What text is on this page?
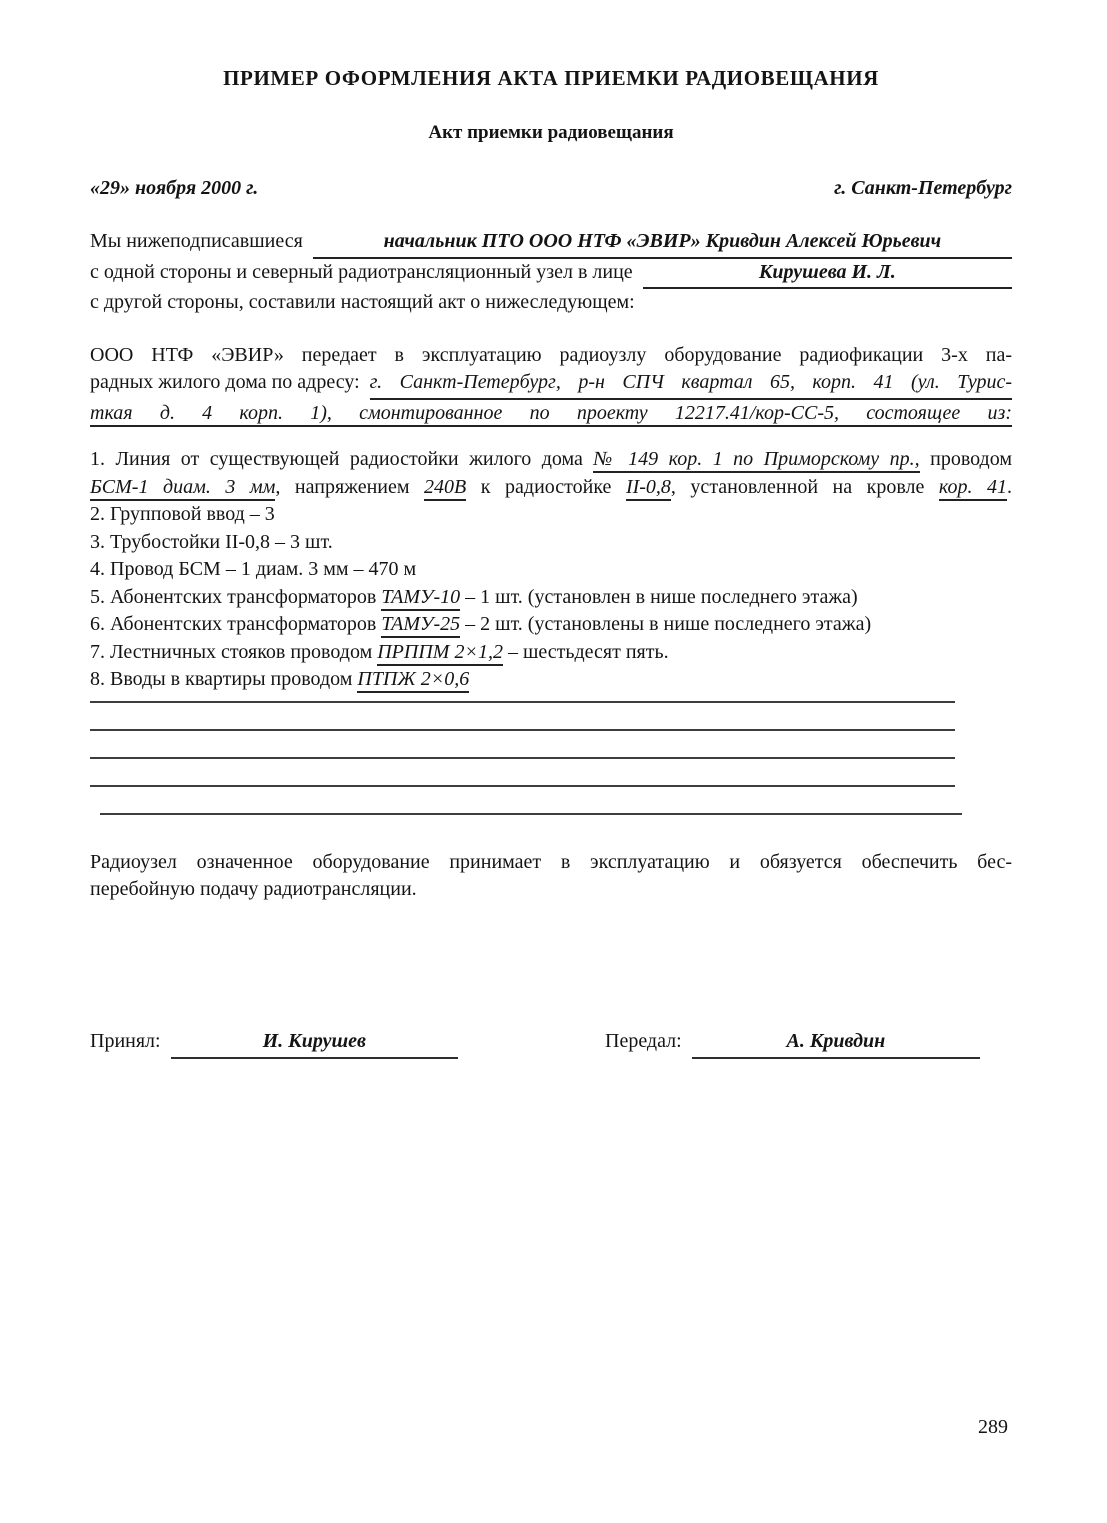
ПРИМЕР ОФОРМЛЕНИЯ АКТА ПРИЕМКИ РАДИОВЕЩАНИЯ
Акт приемки радиовещания
«29» ноября 2000 г.	г. Санкт-Петербург
Мы нижеподписавшиеся	начальник ПТО ООО НТФ «ЭВИР» Кривдин Алексей Юрьевич
с одной стороны и северный радиотрансляционный узел в лице	Кирушева И. Л.
с другой стороны, составили настоящий акт о нижеследующем:
ООО НТФ «ЭВИР» передает в эксплуатацию радиоузлу оборудование радиофикации 3-х па-
радных жилого дома по адресу: г. Санкт-Петербург, р-н СПЧ квартал 65, корп. 41 (ул. Турис-
ткая д. 4 корп. 1), смонтированное по проекту 12217.41/кор-СС-5, состоящее из:
1. Линия от существующей радиостойки жилого дома № 149 кор. 1 по Приморскому пр., проводом
БСМ-1 диам. 3 мм, напряжением 240В к радиостойке II-0,8, установленной на кровле кор. 41.
2. Групповой ввод – 3
3. Трубостойки II-0,8 – 3 шт.
4. Провод БСМ – 1 диам. 3 мм – 470 м
5. Абонентских трансформаторов ТАМУ-10 – 1 шт. (установлен в нише последнего этажа)
6. Абонентских трансформаторов ТАМУ-25 – 2 шт. (установлены в нише последнего этажа)
7. Лестничных стояков проводом ПРППМ 2×1,2 – шестьдесят пять.
8. Вводы в квартиры проводом ПТПЖ 2×0,6
Радиоузел означенное оборудование принимает в эксплуатацию и обязуется обеспечить бес-
перебойную подачу радиотрансляции.
Принял:	И. Кирушев	Передал:	А. Кривдин
289
